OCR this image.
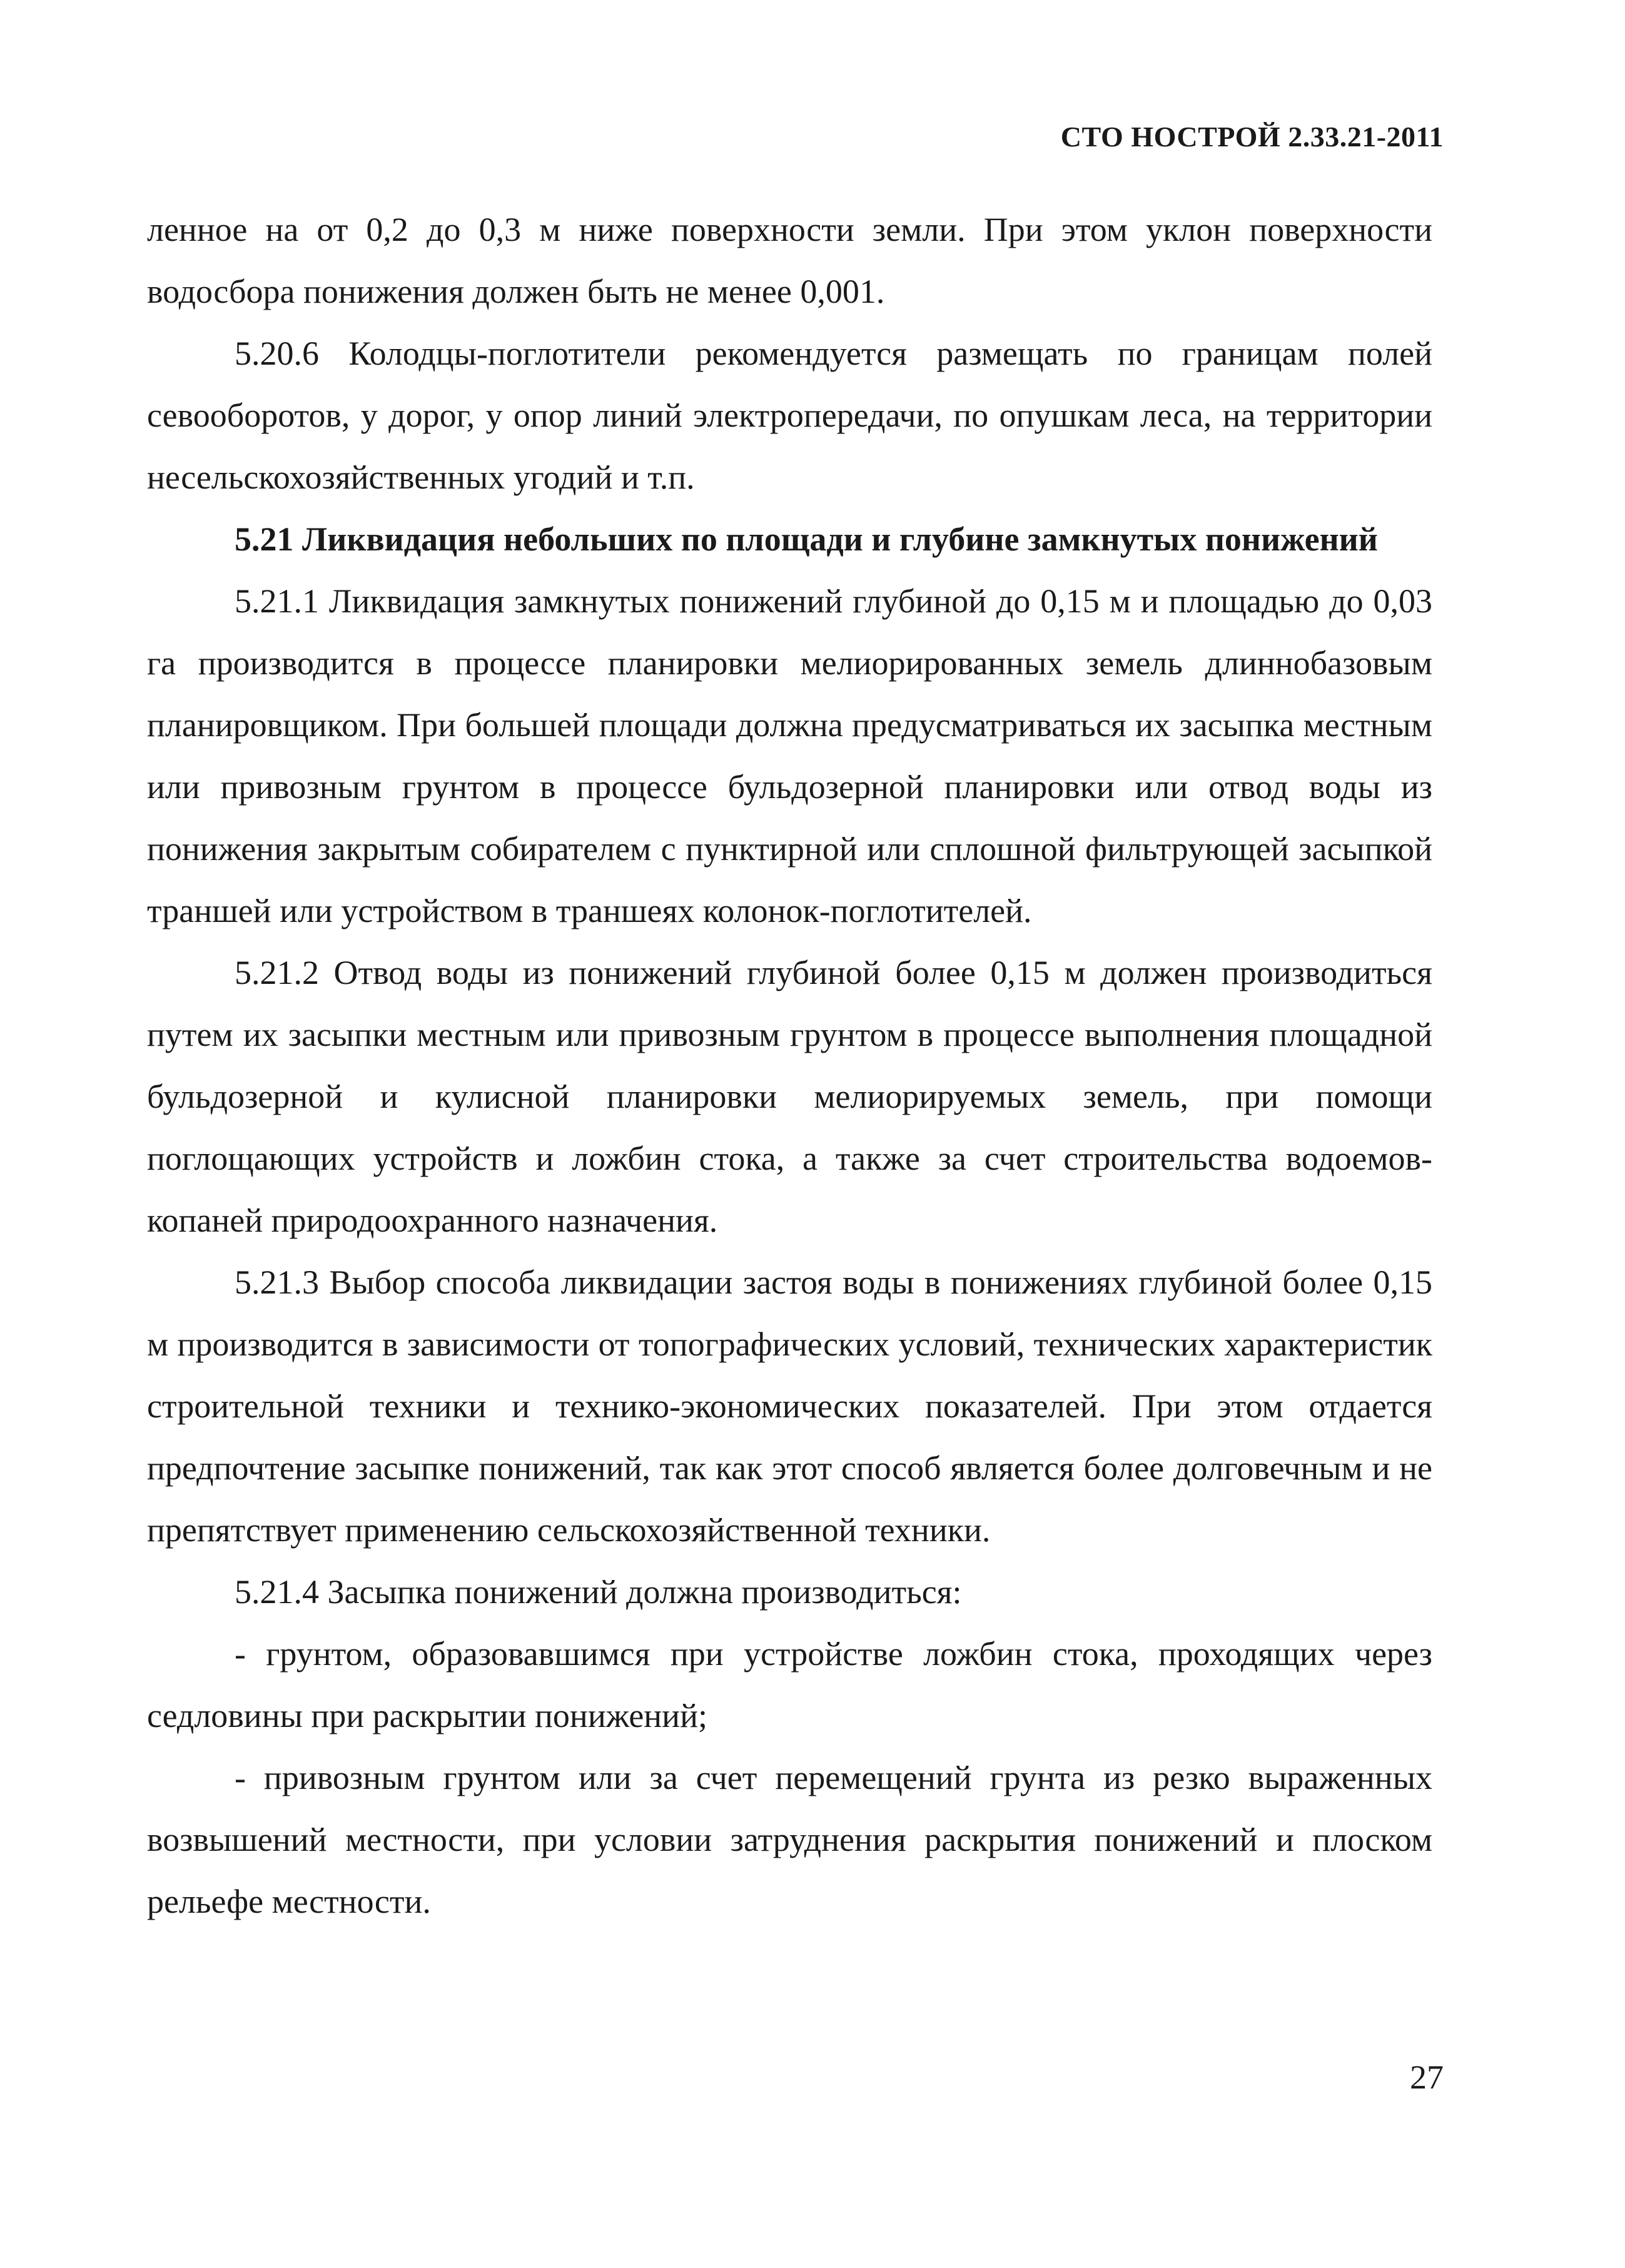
СТО НОСТРОЙ 2.33.21-2011

ленное на от 0,2 до 0,3 м ниже поверхности земли. При этом уклон поверхности водосбора понижения должен быть не менее 0,001.

5.20.6 Колодцы-поглотители рекомендуется размещать по границам полей севооборотов, у дорог, у опор линий электропередачи, по опушкам леса, на территории несельскохозяйственных угодий и т.п.

5.21 Ликвидация небольших по площади и глубине замкнутых понижений

5.21.1 Ликвидация замкнутых понижений глубиной до 0,15 м и площадью до 0,03 га производится в процессе планировки мелиорированных земель длиннобазовым планировщиком. При большей площади должна предусматриваться их засыпка местным или привозным грунтом в процессе бульдозерной планировки или отвод воды из понижения закрытым собирателем с пунктирной или сплошной фильтрующей засыпкой траншей или устройством в траншеях колонок-поглотителей.

5.21.2 Отвод воды из понижений глубиной более 0,15 м должен производиться путем их засыпки местным или привозным грунтом в процессе выполнения площадной бульдозерной и кулисной планировки мелиорируемых земель, при помощи поглощающих устройств и ложбин стока, а также за счет строительства водоемов-копаней природоохранного назначения.

5.21.3 Выбор способа ликвидации застоя воды в понижениях глубиной более 0,15 м производится в зависимости от топографических условий, технических характеристик строительной техники и технико-экономических показателей. При этом отдается предпочтение засыпке понижений, так как этот способ является более долговечным и не препятствует применению сельскохозяйственной техники.

5.21.4 Засыпка понижений должна производиться:

- грунтом, образовавшимся при устройстве ложбин стока, проходящих через седловины при раскрытии понижений;

- привозным грунтом или за счет перемещений грунта из резко выраженных возвышений местности, при условии затруднения раскрытия понижений и плоском рельефе местности.

27
